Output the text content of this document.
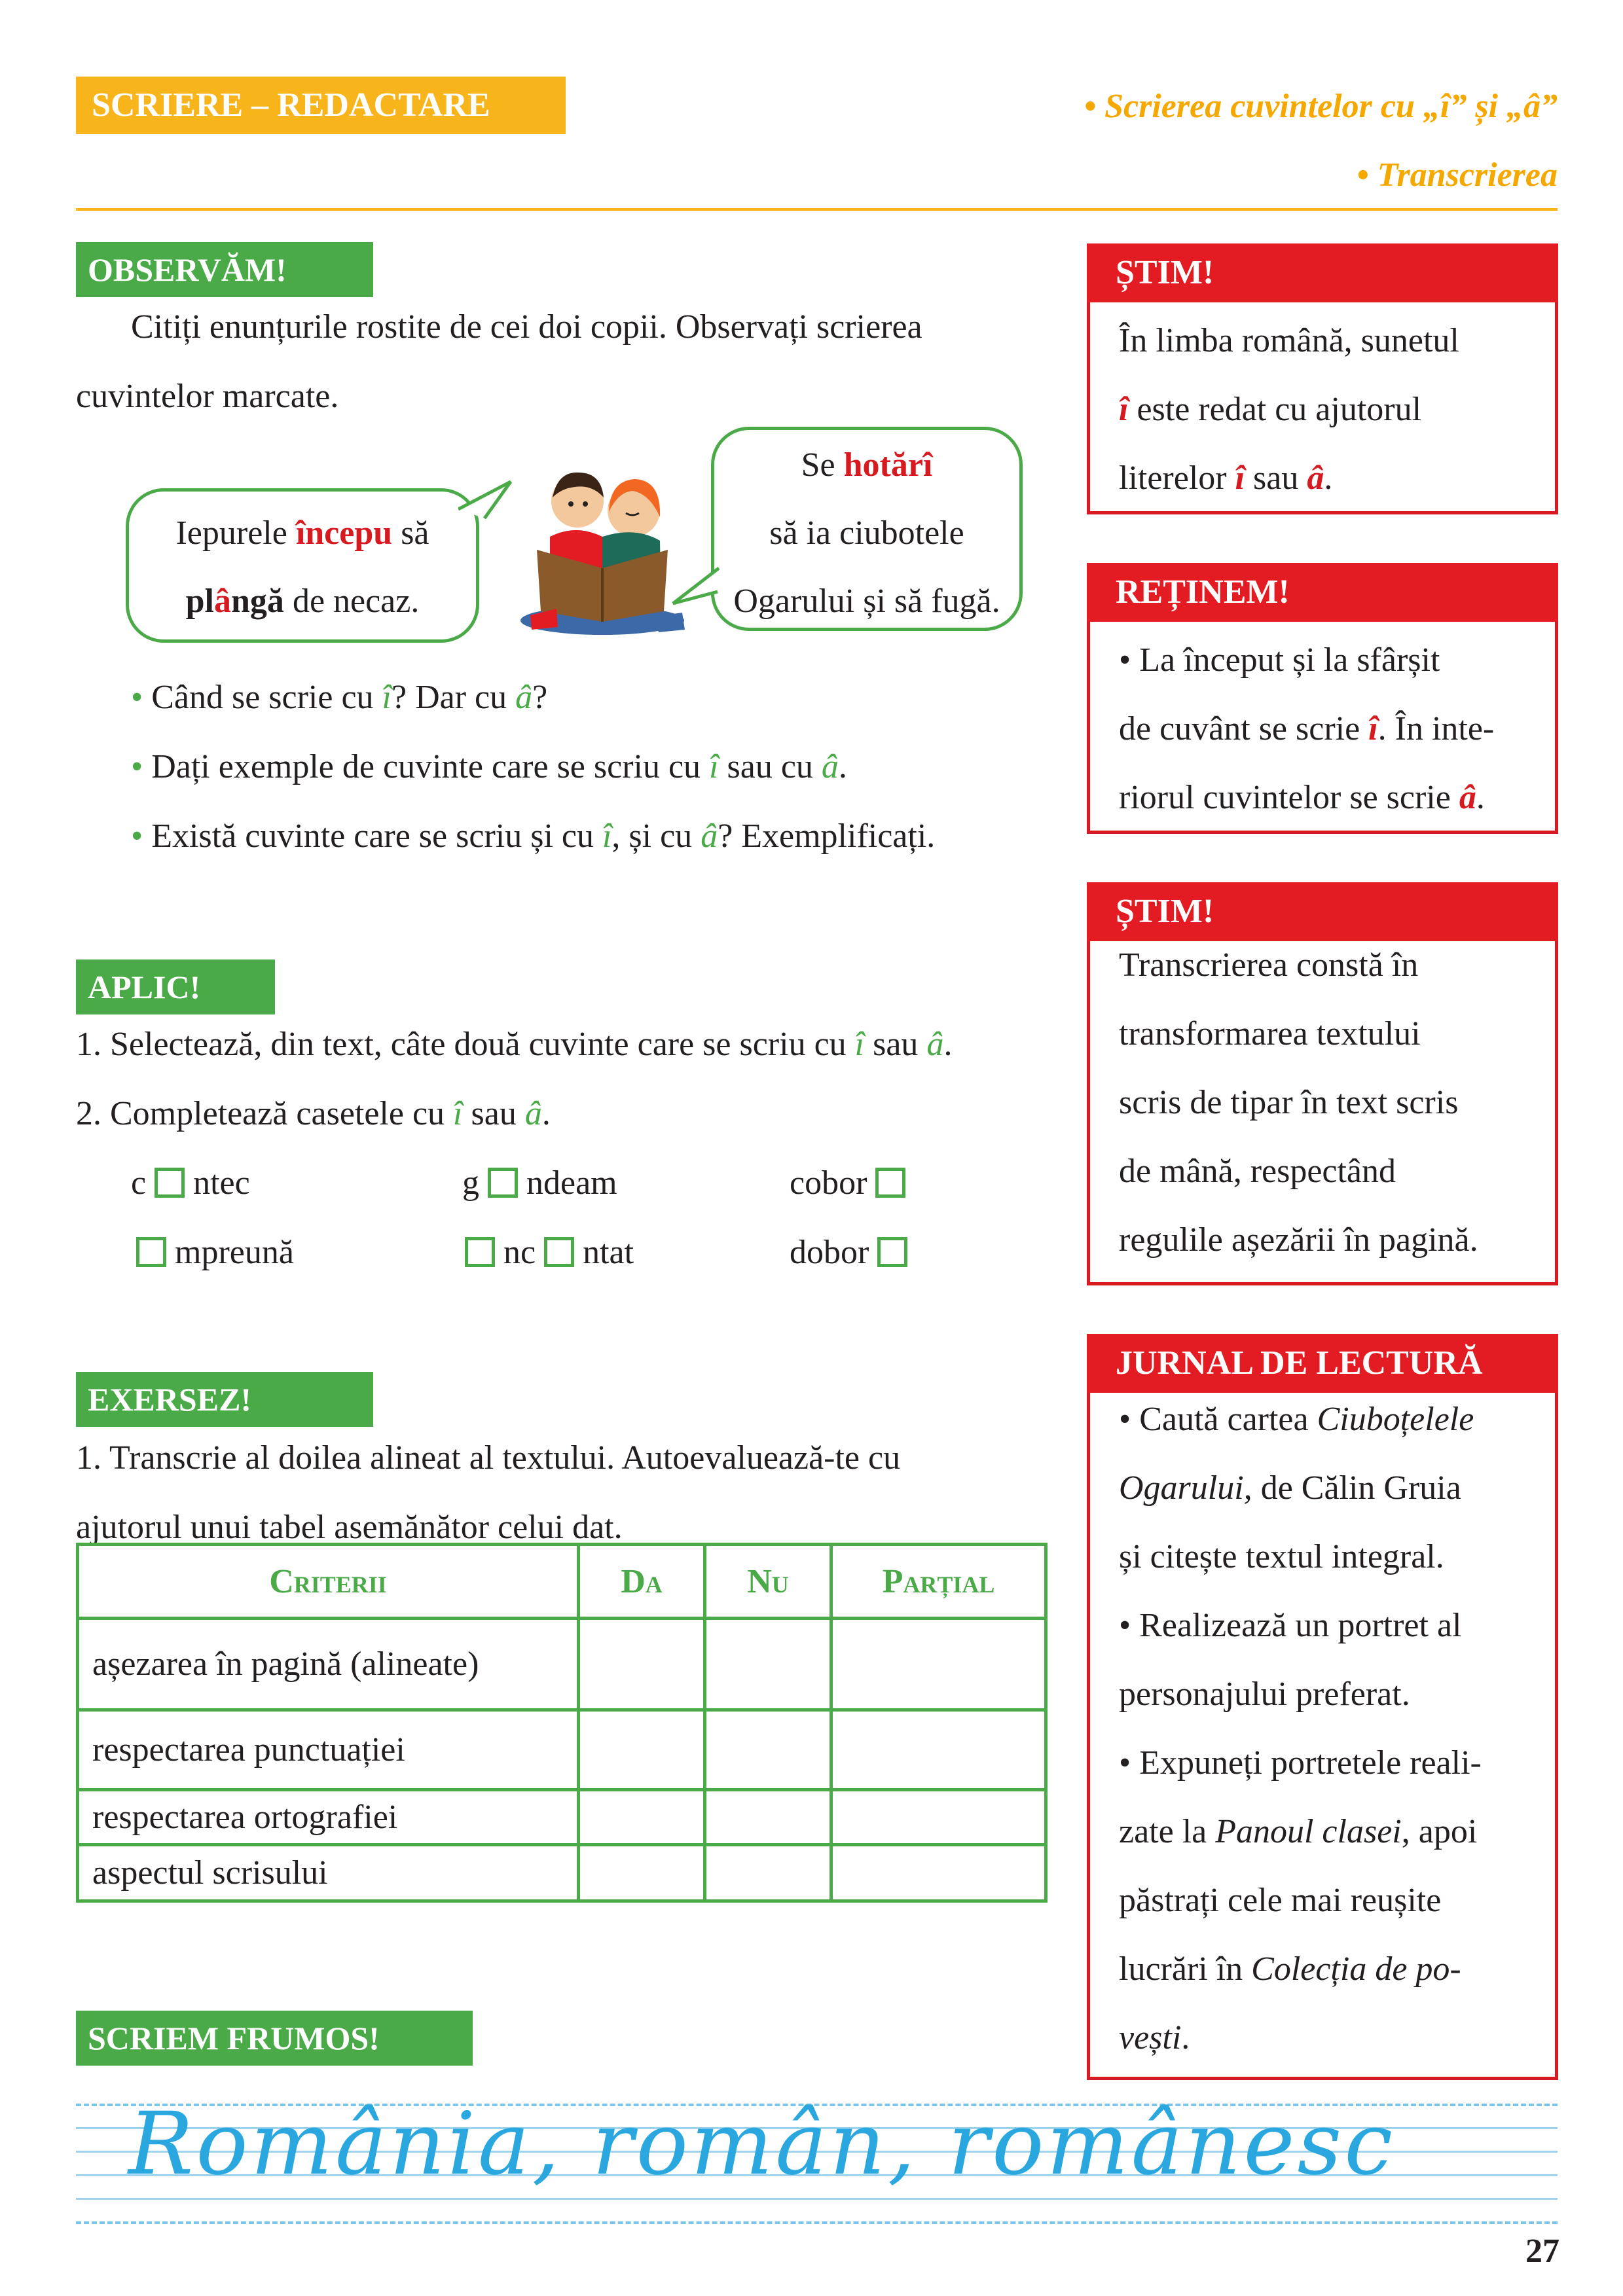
SCRIERE – REDACTARE	• Scrierea cuvintelor cu „î” și „â”
• Transcrierea
OBSERVĂM!
Citiți enunțurile rostite de cei doi copii. Observați scrierea
cuvintelor marcate.
Iepurele începu să
plângă de necaz.
Se hotărî
să ia ciubotele
Ogarului și să fugă.
• Când se scrie cu î? Dar cu â?
• Dați exemple de cuvinte care se scriu cu î sau cu â.
• Există cuvinte care se scriu și cu î, și cu â? Exemplificați.
APLIC!
1. Selectează, din text, câte două cuvinte care se scriu cu î sau â.
2. Completează casetele cu î sau â.
c ntec	g ndeam	cobor
mpreună	nc ntat	dobor
EXERSEZ!
1. Transcrie al doilea alineat al textului. Autoevaluează-te cu
ajutorul unui tabel asemănător celui dat.
Criterii	Da	Nu	Parțial
așezarea în pagină (alineate)			
respectarea punctuației			
respectarea ortografiei			
aspectul scrisului			
SCRIEM FRUMOS!
România, român, românesc
ȘTIM!
În limba română, sunetul
î este redat cu ajutorul
literelor î sau â.
REȚINEM!
• La început și la sfârșit
de cuvânt se scrie î. În inte-
riorul cuvintelor se scrie â.
ȘTIM!
Transcrierea constă în
transformarea textului
scris de tipar în text scris
de mână, respectând
regulile așezării în pagină.
JURNAL DE LECTURĂ
• Caută cartea Ciuboțelele
Ogarului, de Călin Gruia
și citește textul integral.
• Realizează un portret al
personajului preferat.
• Expuneți portretele reali-
zate la Panoul clasei, apoi
păstrați cele mai reușite
lucrări în Colecția de po-
vești.
27
